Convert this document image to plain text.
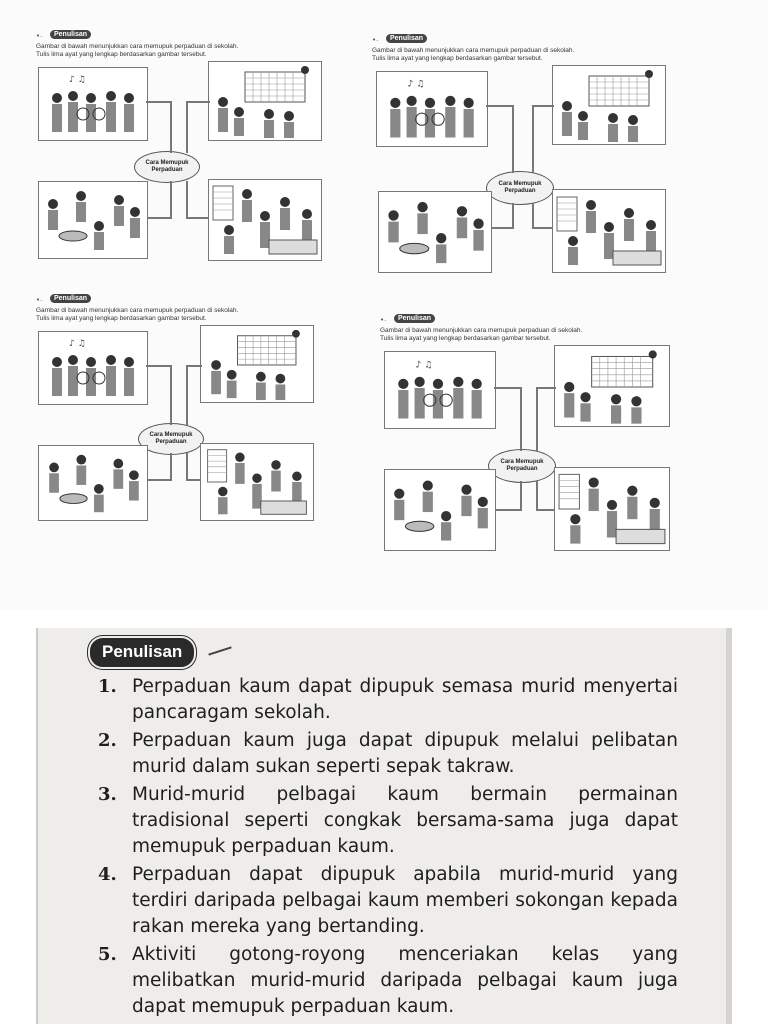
•˴	Penulisan
Gambar di bawah menunjukkan cara memupuk perpaduan di sekolah.
Tulis lima ayat yang lengkap berdasarkan gambar tersebut.
♪ ♫
Cara Memupuk
Perpaduan
•˴	Penulisan
Gambar di bawah menunjukkan cara memupuk perpaduan di sekolah.
Tulis lima ayat yang lengkap berdasarkan gambar tersebut.
♪ ♫
Cara Memupuk
Perpaduan
•˴	Penulisan
Gambar di bawah menunjukkan cara memupuk perpaduan di sekolah.
Tulis lima ayat yang lengkap berdasarkan gambar tersebut.
♪ ♫
Cara Memupuk
Perpaduan
•˴	Penulisan
Gambar di bawah menunjukkan cara memupuk perpaduan di sekolah.
Tulis lima ayat yang lengkap berdasarkan gambar tersebut.
♪ ♫
Cara Memupuk
Perpaduan
Penulisan
1. Perpaduan kaum dapat dipupuk semasa murid menyertai pancaragam sekolah.
2. Perpaduan kaum juga dapat dipupuk melalui pelibatan murid dalam sukan seperti sepak takraw.
3. Murid-murid pelbagai kaum bermain permainan tradisional seperti congkak bersama-sama juga dapat memupuk perpaduan kaum.
4. Perpaduan dapat dipupuk apabila murid-murid yang terdiri daripada pelbagai kaum memberi sokongan kepada rakan mereka yang bertanding.
5. Aktiviti gotong-royong menceriakan kelas yang melibatkan murid-murid daripada pelbagai kaum juga dapat memupuk perpaduan kaum.
